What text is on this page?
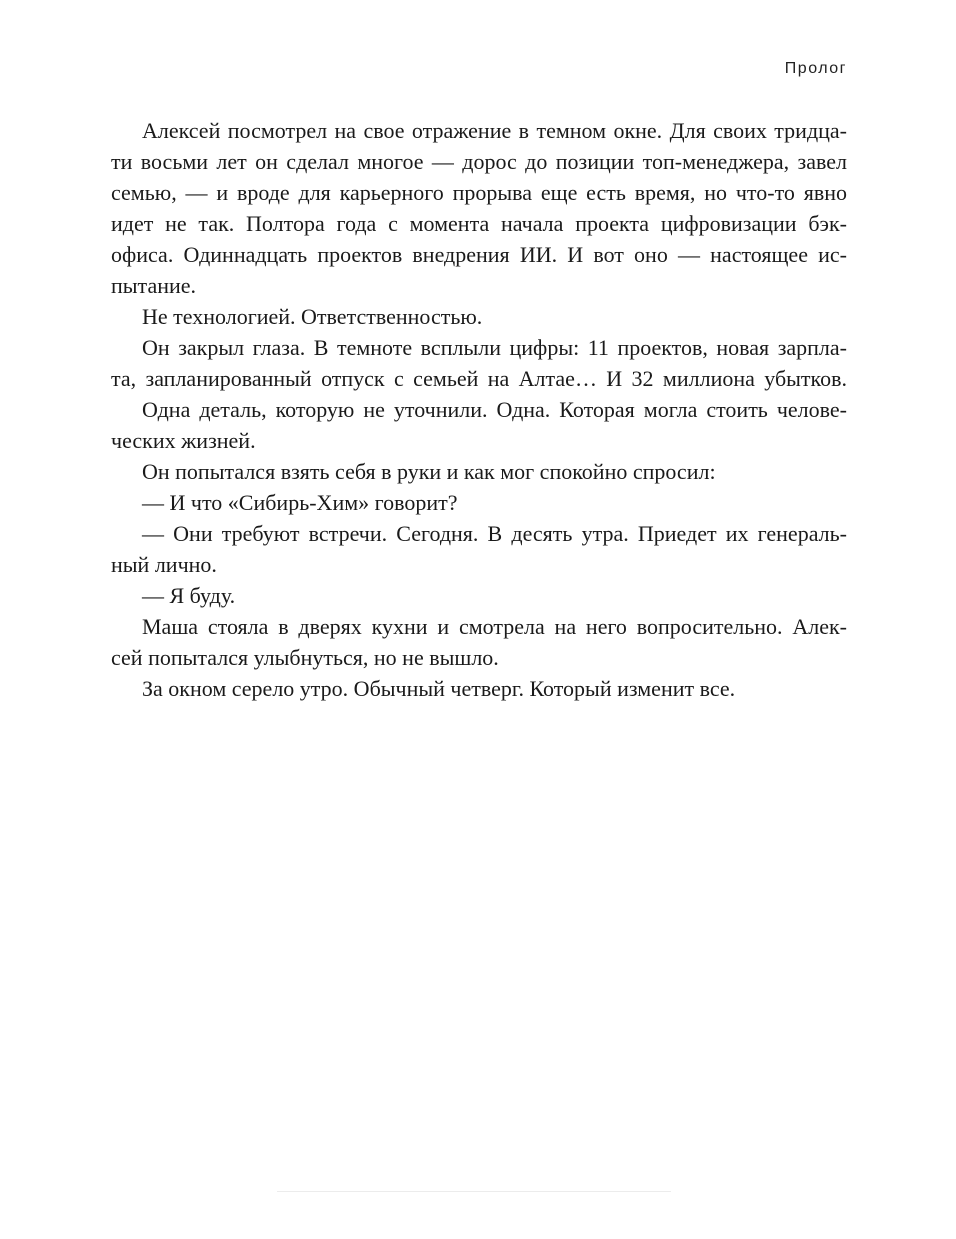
Пролог

Алексей посмотрел на свое отражение в темном окне. Для своих тридца-
ти восьми лет он сделал многое — дорос до позиции топ-менеджера, завел
семью, — и вроде для карьерного прорыва еще есть время, но что-то явно
идет не так. Полтора года с момента начала проекта цифровизации бэк-
офиса. Одиннадцать проектов внедрения ИИ. И вот оно — настоящее ис-
пытание.

Не технологией. Ответственностью.

Он закрыл глаза. В темноте всплыли цифры: 11 проектов, новая зарпла-
та, запланированный отпуск с семьей на Алтае… И 32 миллиона убытков.

Одна деталь, которую не уточнили. Одна. Которая могла стоить челове-
ческих жизней.

Он попытался взять себя в руки и как мог спокойно спросил:

— И что «Сибирь-Хим» говорит?

— Они требуют встречи. Сегодня. В десять утра. Приедет их генераль-
ный лично.

— Я буду.

Маша стояла в дверях кухни и смотрела на него вопросительно. Алек-
сей попытался улыбнуться, но не вышло.

За окном серело утро. Обычный четверг. Который изменит все.
